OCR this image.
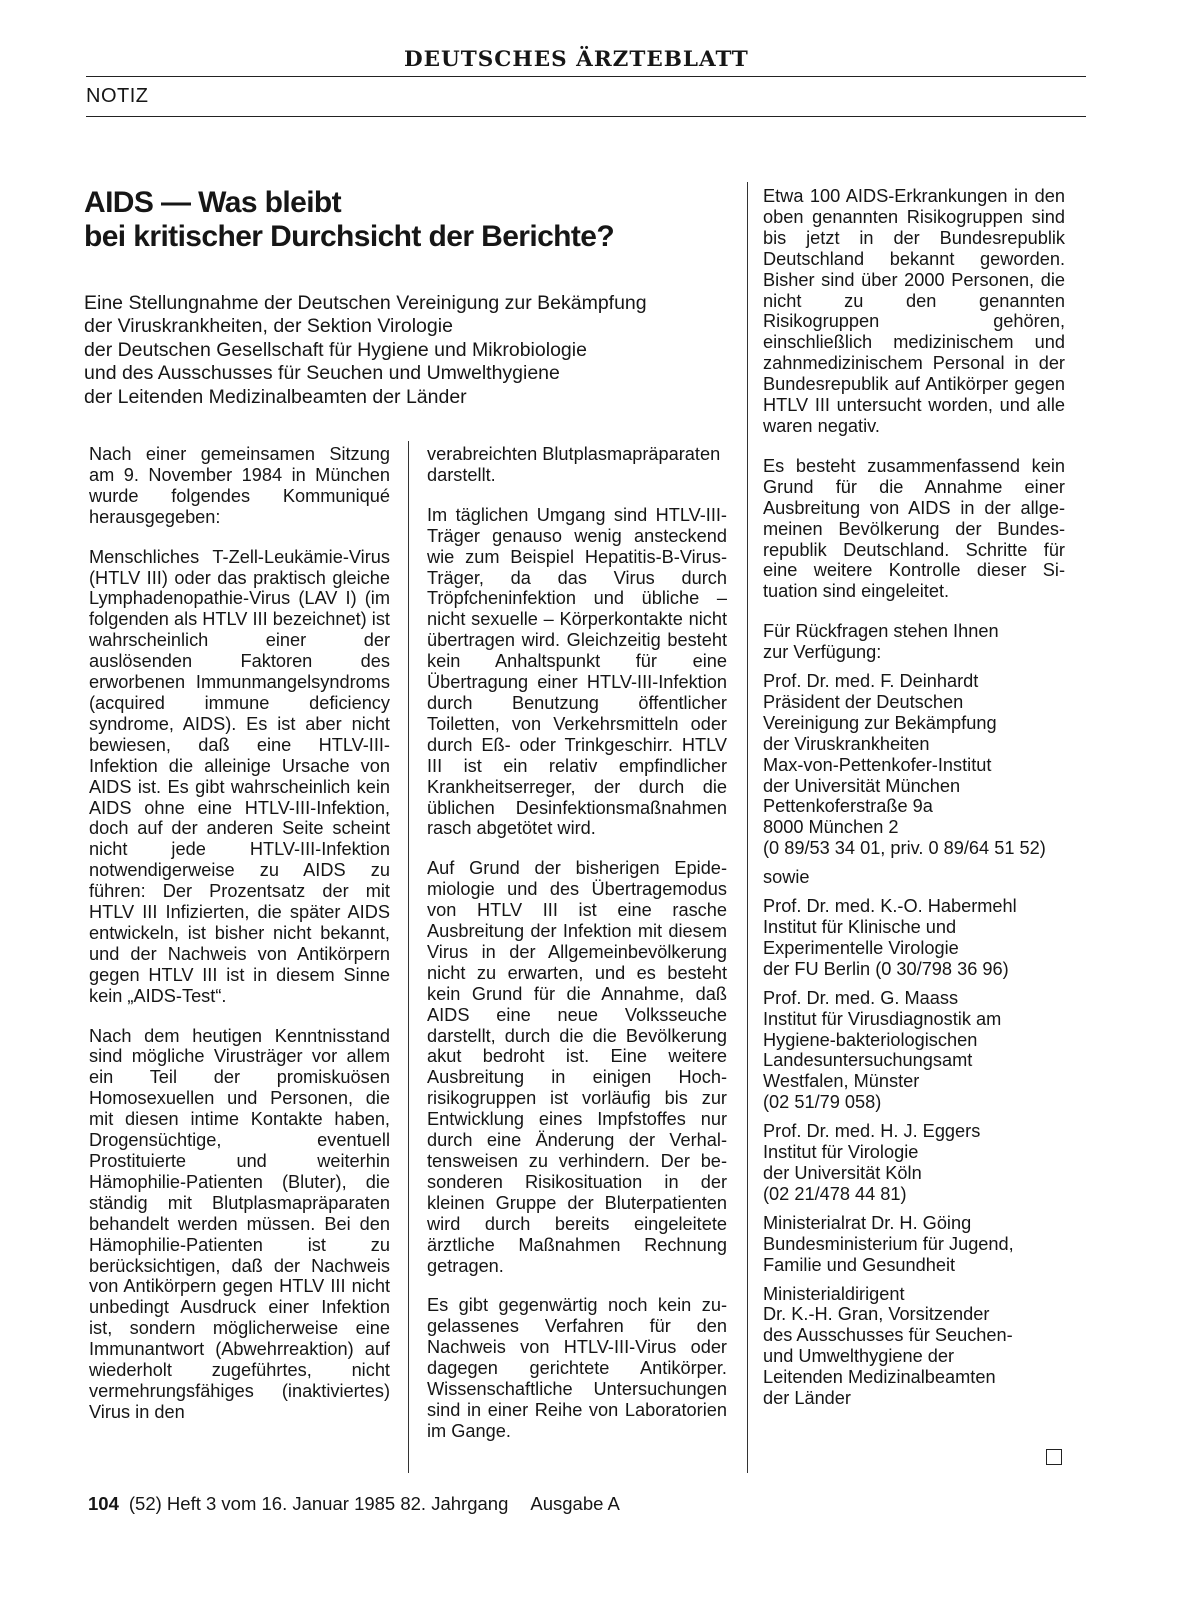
DEUTSCHES ÄRZTEBLATT
NOTIZ
AIDS — Was bleibt
bei kritischer Durchsicht der Berichte?
Eine Stellungnahme der Deutschen Vereinigung zur Bekämpfung
der Viruskrankheiten, der Sektion Virologie
der Deutschen Gesellschaft für Hygiene und Mikrobiologie
und des Ausschusses für Seuchen und Umwelthygiene
der Leitenden Medizinalbeamten der Länder

Nach einer gemeinsamen Sitzung am 9. November 1984 in München wurde folgendes Kommuniqué herausgegeben:

Menschliches T-Zell-Leukämie-Virus (HTLV III) oder das praktisch gleiche Lymphadenopathie-Virus (LAV I) (im folgenden als HTLV III bezeichnet) ist wahrscheinlich einer der auslösenden Faktoren des erworbenen Immunmangelsyndroms (acquired immune deficiency syndrome, AIDS). Es ist aber nicht bewiesen, daß eine HTLV-III-Infektion die alleinige Ursache von AIDS ist. Es gibt wahrscheinlich kein AIDS ohne eine HTLV-III-Infektion, doch auf der anderen Seite scheint nicht jede HTLV-III-Infektion notwendigerweise zu AIDS zu führen: Der Prozentsatz der mit HTLV III Infizierten, die später AIDS entwickeln, ist bisher nicht bekannt, und der Nachweis von Antikörpern gegen HTLV III ist in diesem Sinne kein „AIDS-Test“.

Nach dem heutigen Kenntnisstand sind mögliche Virusträger vor allem ein Teil der promiskuösen Homosexuellen und Personen, die mit diesen intime Kontakte haben, Drogensüchtige, eventuell Prostituierte und weiterhin Hämophilie-Patienten (Bluter), die ständig mit Blutplasmapräparaten behandelt werden müssen. Bei den Hämophilie-Patienten ist zu berücksichtigen, daß der Nachweis von Antikörpern gegen HTLV III nicht unbedingt Ausdruck einer Infektion ist, sondern möglicherweise eine Immunantwort (Abwehrreaktion) auf wiederholt zugeführtes, nicht vermehrungsfähiges (inaktiviertes) Virus in den

verabreichten Blutplasmapräparaten darstellt.

Im täglichen Umgang sind HTLV-III-Träger genauso wenig ansteckend wie zum Beispiel Hepatitis-B-Virus-Träger, da das Virus durch Tröpfcheninfektion und übliche – nicht sexuelle – Körperkontakte nicht übertragen wird. Gleichzeitig besteht kein Anhaltspunkt für eine Übertragung einer HTLV-III-Infektion durch Benutzung öffentlicher Toiletten, von Verkehrsmitteln oder durch Eß- oder Trinkgeschirr. HTLV III ist ein relativ empfindlicher Krankheitserreger, der durch die üblichen Desinfektionsmaßnahmen rasch abgetötet wird.

Auf Grund der bisherigen Epidemiologie und des Übertragemodus von HTLV III ist eine rasche Ausbreitung der Infektion mit diesem Virus in der Allgemeinbevölkerung nicht zu erwarten, und es besteht kein Grund für die Annahme, daß AIDS eine neue Volksseuche darstellt, durch die die Bevölkerung akut bedroht ist. Eine weitere Ausbreitung in einigen Hochrisikogruppen ist vorläufig bis zur Entwicklung eines Impfstoffes nur durch eine Änderung der Verhaltensweisen zu verhindern. Der besonderen Risikosituation in der kleinen Gruppe der Bluterpatienten wird durch bereits eingeleitete ärztliche Maßnahmen Rechnung getragen.

Es gibt gegenwärtig noch kein zugelassenes Verfahren für den Nachweis von HTLV-III-Virus oder dagegen gerichtete Antikörper. Wissenschaftliche Untersuchungen sind in einer Reihe von Laboratorien im Gange.

Etwa 100 AIDS-Erkrankungen in den oben genannten Risikogruppen sind bis jetzt in der Bundesrepublik Deutschland bekannt geworden. Bisher sind über 2000 Personen, die nicht zu den genannten Risikogruppen gehören, einschließlich medizinischem und zahnmedizinischem Personal in der Bundesrepublik auf Antikörper gegen HTLV III untersucht worden, und alle waren negativ.

Es besteht zusammenfassend kein Grund für die Annahme einer Ausbreitung von AIDS in der allgemeinen Bevölkerung der Bundesrepublik Deutschland. Schritte für eine weitere Kontrolle dieser Situation sind eingeleitet.

Für Rückfragen stehen Ihnen
zur Verfügung:
Prof. Dr. med. F. Deinhardt
Präsident der Deutschen
Vereinigung zur Bekämpfung
der Viruskrankheiten
Max-von-Pettenkofer-Institut
der Universität München
Pettenkoferstraße 9a
8000 München 2
(0 89/53 34 01, priv. 0 89/64 51 52)
sowie
Prof. Dr. med. K.-O. Habermehl
Institut für Klinische und
Experimentelle Virologie
der FU Berlin (0 30/798 36 96)
Prof. Dr. med. G. Maass
Institut für Virusdiagnostik am
Hygiene-bakteriologischen
Landesuntersuchungsamt
Westfalen, Münster
(02 51/79 058)
Prof. Dr. med. H. J. Eggers
Institut für Virologie
der Universität Köln
(02 21/478 44 81)
Ministerialrat Dr. H. Göing
Bundesministerium für Jugend,
Familie und Gesundheit
Ministerialdirigent
Dr. K.-H. Gran, Vorsitzender
des Ausschusses für Seuchen-
und Umwelthygiene der
Leitenden Medizinalbeamten
der Länder
104 (52) Heft 3 vom 16. Januar 1985 82. Jahrgang Ausgabe A
